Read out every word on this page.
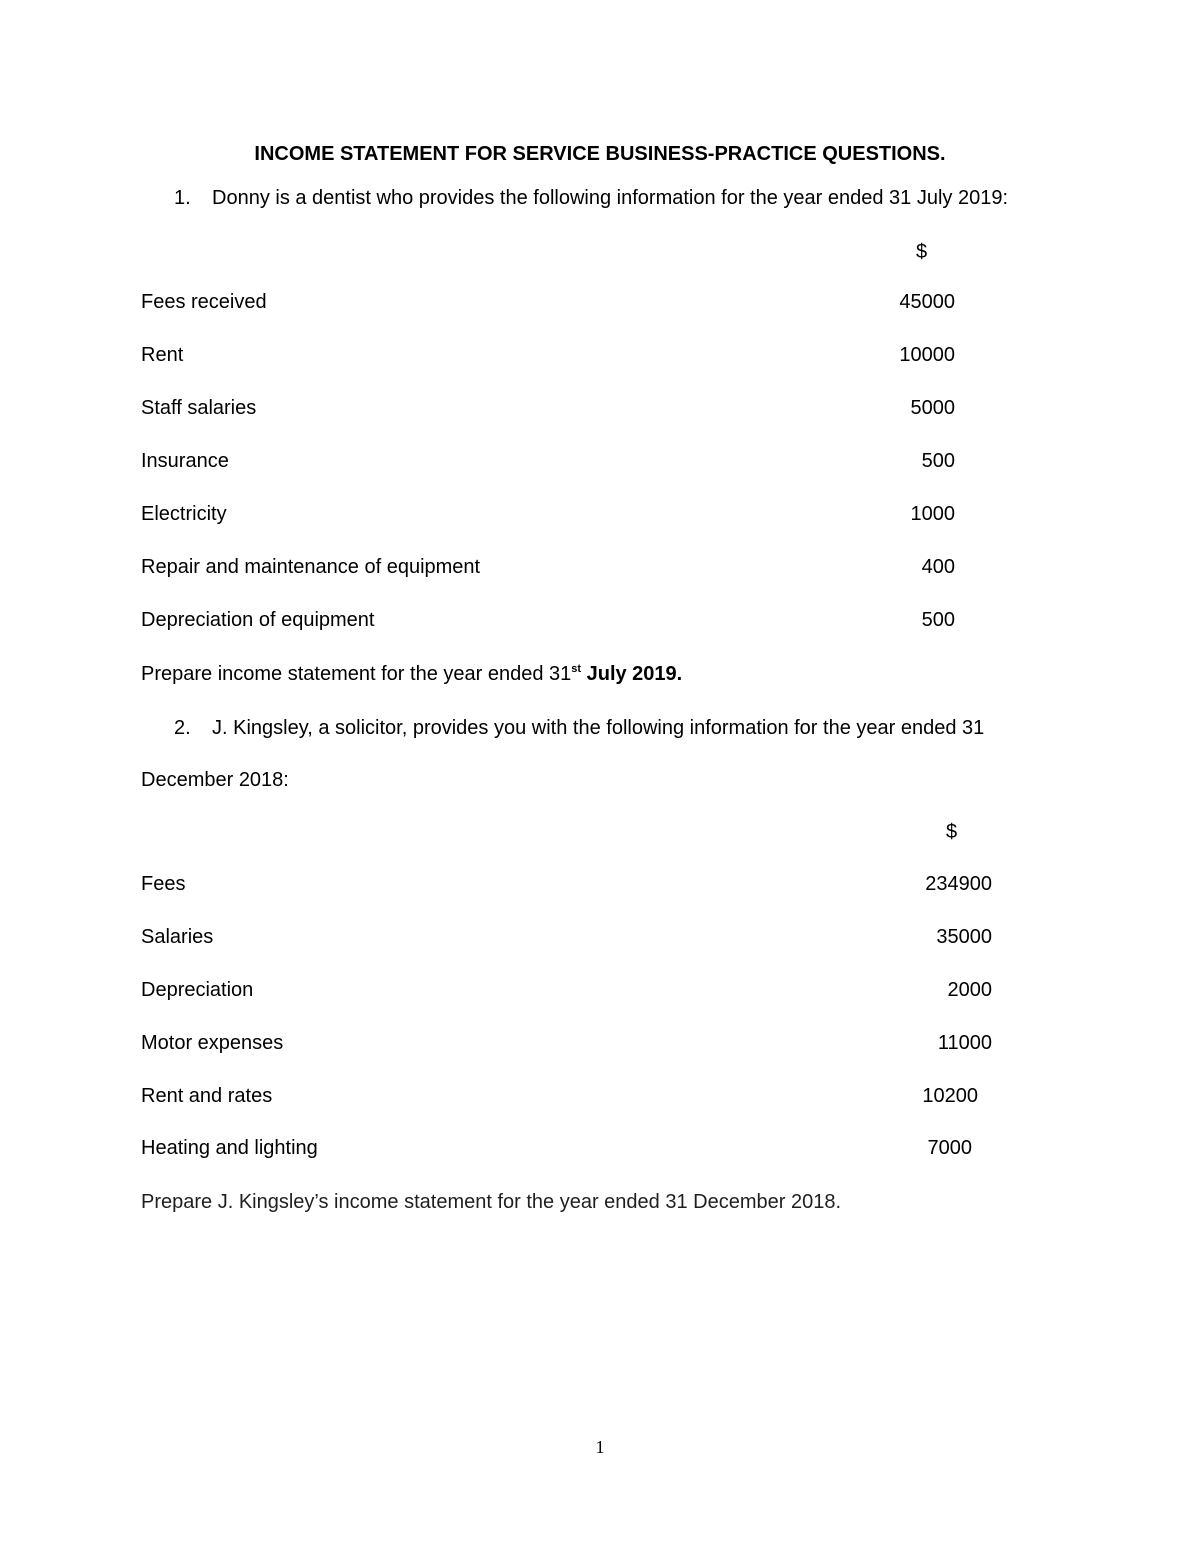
INCOME STATEMENT FOR SERVICE BUSINESS-PRACTICE QUESTIONS.
1. Donny is a dentist who provides the following information for the year ended 31 July 2019:
$
Fees received	45000
Rent	10000
Staff salaries	5000
Insurance	500
Electricity	1000
Repair and maintenance of equipment	400
Depreciation of equipment	500
Prepare income statement for the year ended 31st July 2019.
2. J. Kingsley, a solicitor, provides you with the following information for the year ended 31
December 2018:
$
Fees	234900
Salaries	35000
Depreciation	2000
Motor expenses	11000
Rent and rates	10200
Heating and lighting	7000
Prepare J. Kingsley’s income statement for the year ended 31 December 2018.
1
